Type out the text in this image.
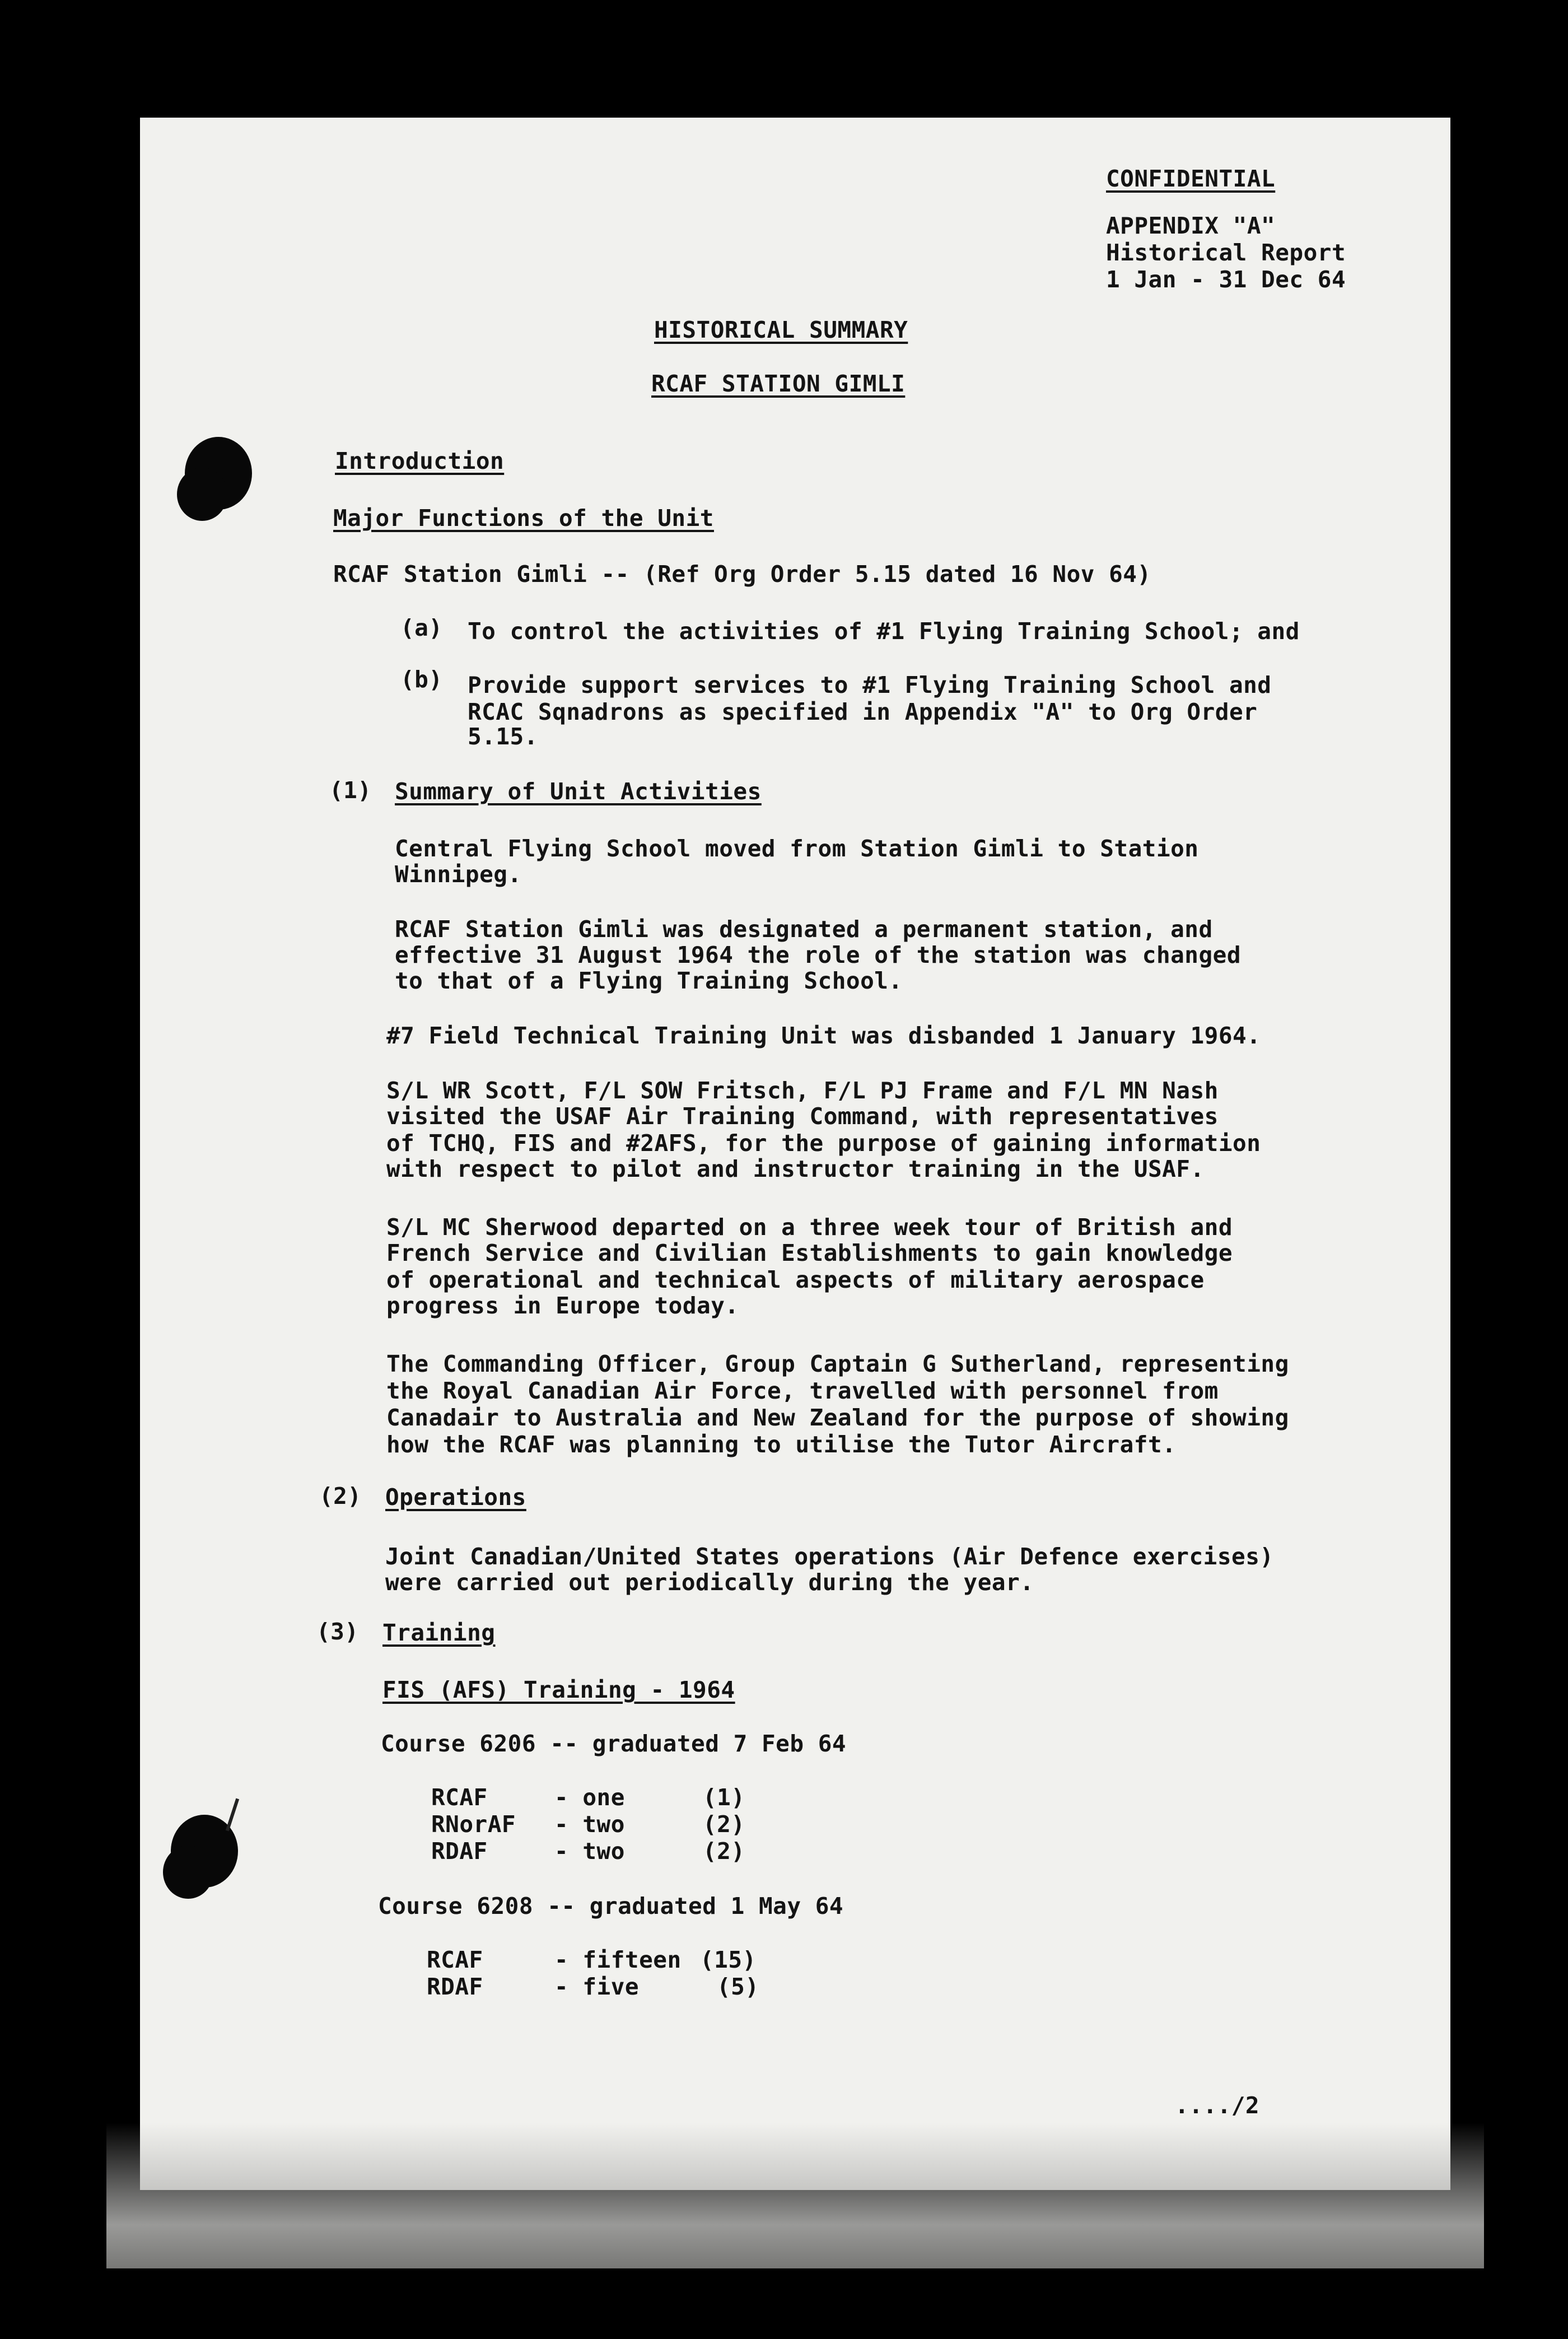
CONFIDENTIAL
APPENDIX "A"
Historical Report
1 Jan - 31 Dec 64
HISTORICAL SUMMARY
RCAF STATION GIMLI
Introduction
Major Functions of the Unit
RCAF Station Gimli -- (Ref Org Order 5.15 dated 16 Nov 64)
(a) To control the activities of #1 Flying Training School; and
(b) Provide support services to #1 Flying Training School and
RCAC Sqnadrons as specified in Appendix "A" to Org Order
5.15.
(1) Summary of Unit Activities
Central Flying School moved from Station Gimli to Station
Winnipeg.
RCAF Station Gimli was designated a permanent station, and
effective 31 August 1964 the role of the station was changed
to that of a Flying Training School.
#7 Field Technical Training Unit was disbanded 1 January 1964.
S/L WR Scott, F/L SOW Fritsch, F/L PJ Frame and F/L MN Nash
visited the USAF Air Training Command, with representatives
of TCHQ, FIS and #2AFS, for the purpose of gaining information
with respect to pilot and instructor training in the USAF.
S/L MC Sherwood departed on a three week tour of British and
French Service and Civilian Establishments to gain knowledge
of operational and technical aspects of military aerospace
progress in Europe today.
The Commanding Officer, Group Captain G Sutherland, representing
the Royal Canadian Air Force, travelled with personnel from
Canadair to Australia and New Zealand for the purpose of showing
how the RCAF was planning to utilise the Tutor Aircraft.
(2) Operations
Joint Canadian/United States operations (Air Defence exercises)
were carried out periodically during the year.
(3) Training
FIS (AFS) Training - 1964
Course 6206 -- graduated 7 Feb 64
RCAF	- one	(1)
RNorAF - two	(2)
RDAF	- two	(2)
Course 6208 -- graduated 1 May 64
RCAF	- fifteen (15)
RDAF	- five	(5)
..../2
